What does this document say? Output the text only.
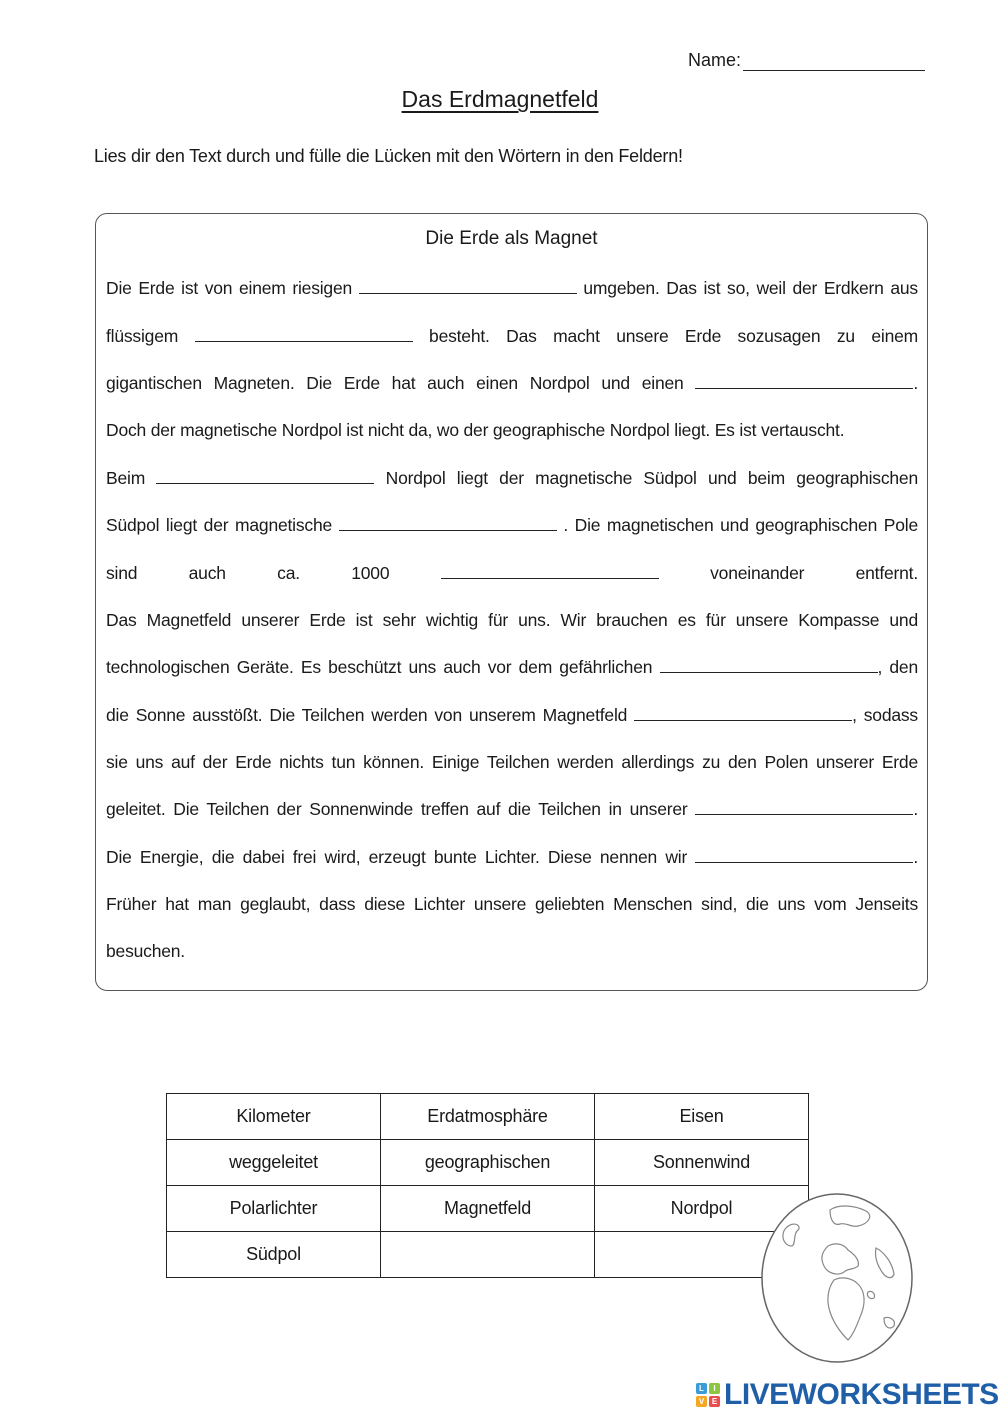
Name:
Das Erdmagnetfeld
Lies dir den Text durch und fülle die Lücken mit den Wörtern in den Feldern!
Die Erde als Magnet
Die Erde ist von einem riesigen	umgeben. Das ist so, weil der Erdkern aus
flüssigem	besteht. Das macht unsere Erde sozusagen zu einem
gigantischen Magneten. Die Erde hat auch einen Nordpol und einen	.
Doch der magnetische Nordpol ist nicht da, wo der geographische Nordpol liegt. Es ist vertauscht.
Beim	Nordpol liegt der magnetische Südpol und beim geographischen
Südpol liegt der magnetische	. Die magnetischen und geographischen Pole
sind auch ca. 1000	voneinander entfernt.
Das Magnetfeld unserer Erde ist sehr wichtig für uns. Wir brauchen es für unsere Kompasse und
technologischen Geräte. Es beschützt uns auch vor dem gefährlichen	, den
die Sonne ausstößt. Die Teilchen werden von unserem Magnetfeld	, sodass
sie uns auf der Erde nichts tun können. Einige Teilchen werden allerdings zu den Polen unserer Erde
geleitet. Die Teilchen der Sonnenwinde treffen auf die Teilchen in unserer	.
Die Energie, die dabei frei wird, erzeugt bunte Lichter. Diese nennen wir	.
Früher hat man geglaubt, dass diese Lichter unsere geliebten Menschen sind, die uns vom Jenseits
besuchen.
Kilometer	Erdatmosphäre	Eisen
weggeleitet	geographischen	Sonnenwind
Polarlichter	Magnetfeld	Nordpol
Südpol		
L	I
V E LIVEWORKSHEETS
